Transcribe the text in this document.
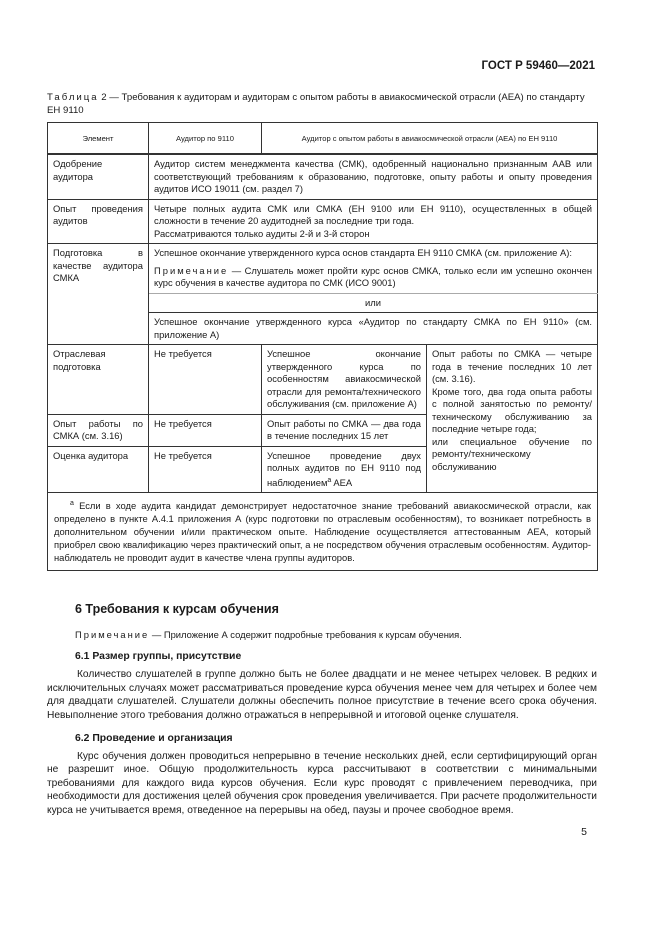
ГОСТ Р 59460—2021
Таблица 2 — Требования к аудиторам и аудиторам с опытом работы в авиакосмической отрасли (AEA) по стандарту ЕН 9110
Элемент	Аудитор по 9110	Аудитор с опытом работы в авиакосмической отрасли (AEA) по ЕН 9110	
Одобрение аудитора	Аудитор систем менеджмента качества (СМК), одобренный национально признанным AAB или соответствующий требованиям к образованию, подготовке, опыту работы и опыту проведения аудитов ИСО 19011 (см. раздел 7)		
Опыт проведения аудитов	Четыре полных аудита СМК или СМКА (ЕН 9100 или ЕН 9110), осуществленных в общей сложности в течение 20 аудитодней за последние три года.
Рассматриваются только аудиты 2-й и 3-й сторон		

Подготовка в качестве аудитора СМКА	Успешное окончание утвержденного курса основ стандарта ЕН 9110 СМКА (см. приложение А):
Примечание — Слушатель может пройти курс основ СМКА, только если им успешно окончен курс обучения в качестве аудитора по СМК (ИСО 9001)		

	или		
	Успешное окончание утвержденного курса «Аудитор по стандарту СМКА по ЕН 9110» (см. приложение А)		
Отраслевая подготовка	Не требуется	Успешное окончание утвержденного курса по особенностям авиакосмической отрасли для ремонта/технического обслуживания (см. приложение А)	Опыт работы по СМКА — четыре года в течение последних 10 лет (см. 3.16).
Кроме того, два года опыта работы с полной занятостью по ремонту/техническому обслуживанию за последние четыре года;
или специальное обучение по ремонту/техническому обслуживанию

Опыт работы по СМКА (см. 3.16)	Не требуется	Опыт работы по СМКА — два года в течение последних 15 лет	
Оценка аудитора	Не требуется	Успешное проведение двух полных аудитов по ЕН 9110 под наблюдением$^a$ AEA	
$^a$ Если в ходе аудита кандидат демонстрирует недостаточное знание требований авиакосмической отрасли, как определено в пункте А.4.1 приложения А (курс подготовки по отраслевым особенностям), то возникает потребность в дополнительном обучении и/или практическом опыте. Наблюдение осуществляется аттестованным AEA, который приобрел свою квалификацию через практический опыт, а не посредством обучения отраслевым особенностям. Аудитор-наблюдатель не проводит аудит в качестве члена группы аудиторов.			
6 Требования к курсам обучения
Примечание — Приложение А содержит подробные требования к курсам обучения.
6.1 Размер группы, присутствие
Количество слушателей в группе должно быть не более двадцати и не менее четырех человек. В редких и исключительных случаях может рассматриваться проведение курса обучения менее чем для четырех и более чем для двадцати слушателей. Слушатели должны обеспечить полное присутствие в течение всего срока обучения. Невыполнение этого требования должно отражаться в непрерывной и итоговой оценке слушателя.
6.2 Проведение и организация
Курс обучения должен проводиться непрерывно в течение нескольких дней, если сертифицирующий орган не разрешит иное. Общую продолжительность курса рассчитывают в соответствии с минимальными требованиями для каждого вида курсов обучения. Если курс проводят с привлечением переводчика, при необходимости для достижения целей обучения срок проведения увеличивается. При расчете продолжительности курса не учитывается время, отведенное на перерывы на обед, паузы и прочее свободное время.
5
